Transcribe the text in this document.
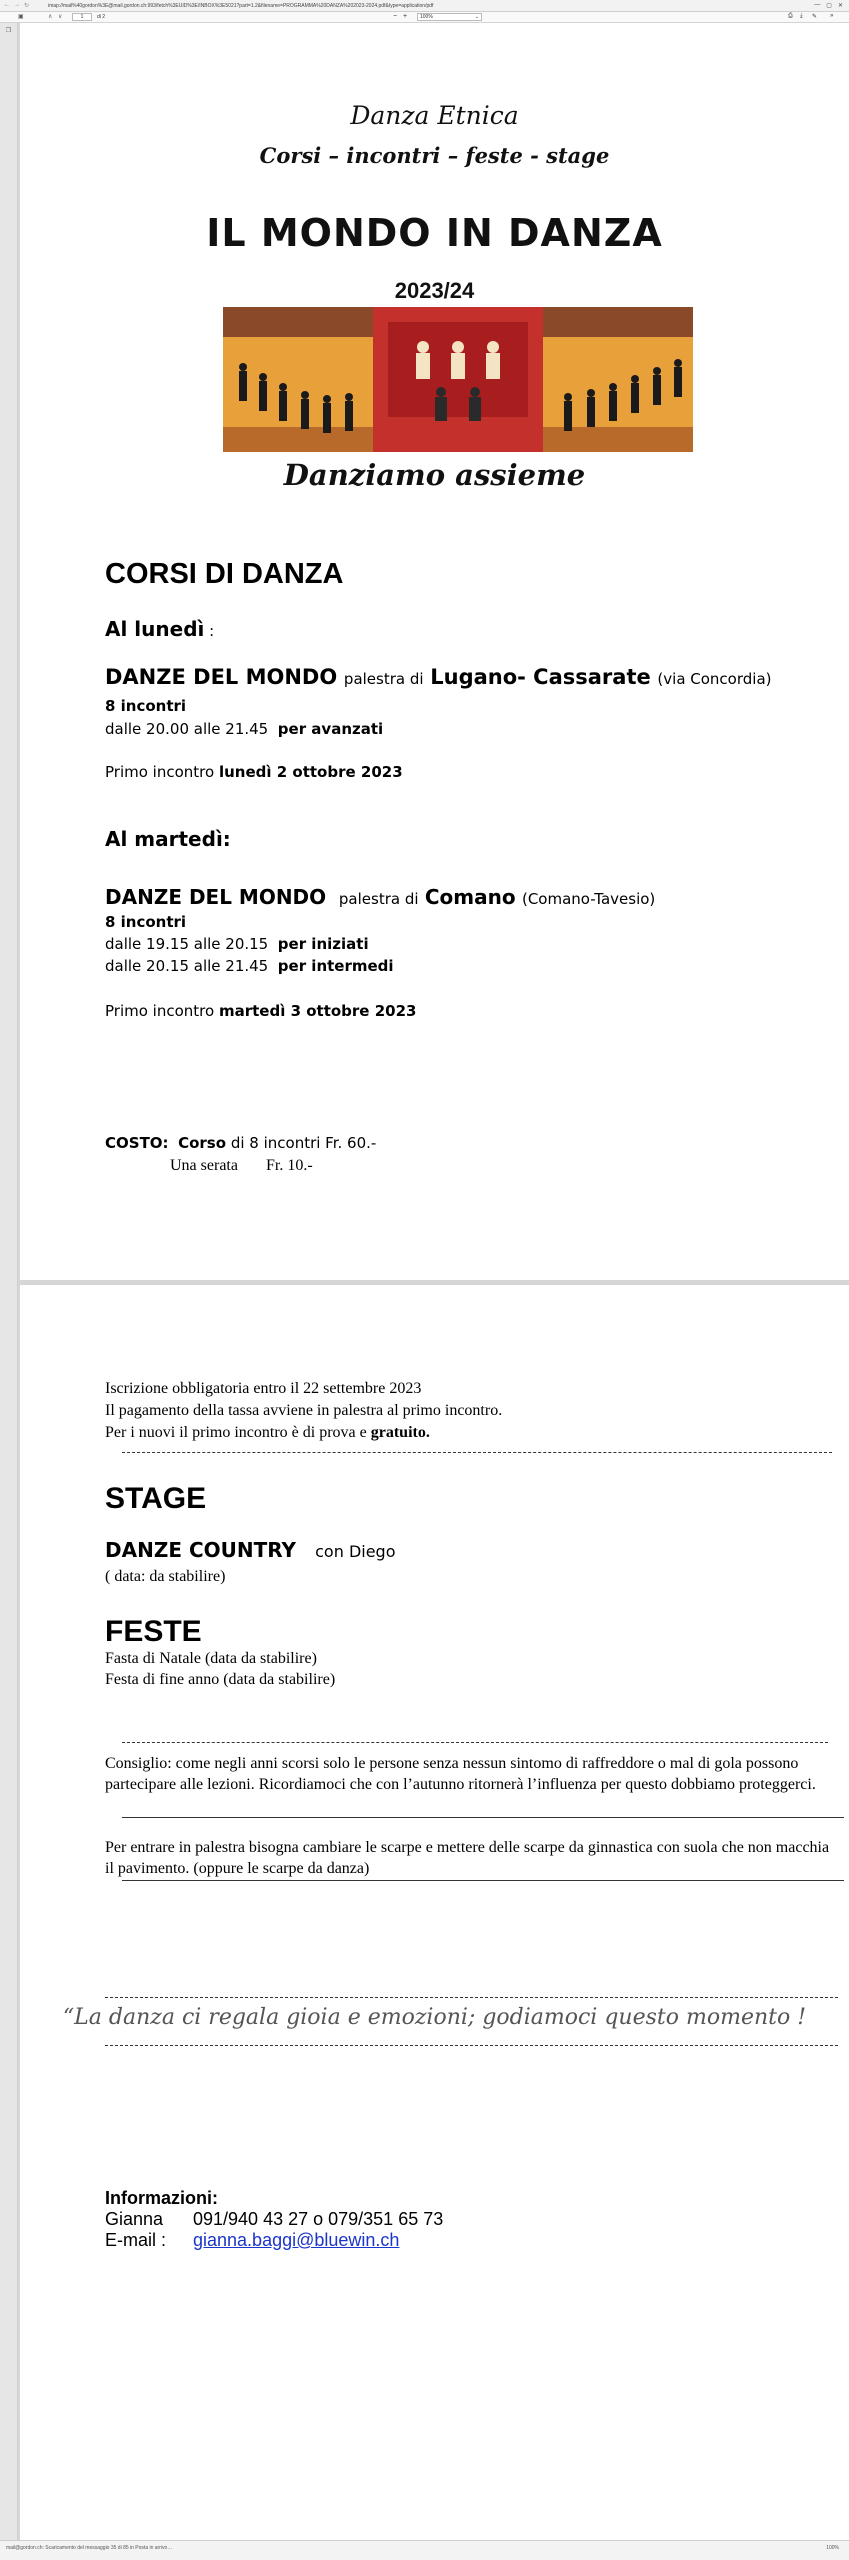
← → ↻	imap://mail%40gordon%3E@mail.gordon.ch:993/fetch%3EUID%3E/INBOX%3E5021?part=1.2&filename=PROGRAMMA%20DANZA%202023-2024.pdf&type=application/pdf	— ▢ ✕
▣	∧ ∨	1	di 2	− +	100%	⌄	⎙ ⤓ ✎ »
❐
Danza Etnica
Corsi – incontri – feste - stage
IL MONDO IN DANZA
2023/24
Danziamo assieme
CORSI DI DANZA
Al lunedì :
DANZE DEL MONDO palestra di Lugano- Cassarate (via Concordia)
8 incontri
dalle 20.00 alle 21.45 per avanzati
Primo incontro lunedì 2 ottobre 2023
Al martedì:
DANZE DEL MONDO palestra di Comano (Comano-Tavesio)
8 incontri
dalle 19.15 alle 20.15 per iniziati
dalle 20.15 alle 21.45 per intermedi
Primo incontro martedì 3 ottobre 2023
COSTO: Corso di 8 incontri Fr. 60.-
Una serata Fr. 10.-
Iscrizione obbligatoria entro il 22 settembre 2023
Il pagamento della tassa avviene in palestra al primo incontro.
Per i nuovi il primo incontro è di prova e gratuito.
STAGE
DANZE COUNTRY con Diego
( data: da stabilire)
FESTE
Fasta di Natale (data da stabilire)
Festa di fine anno (data da stabilire)
Consiglio: come negli anni scorsi solo le persone senza nessun sintomo di raffreddore o mal di gola possono partecipare alle lezioni. Ricordiamoci che con l’autunno ritornerà l’influenza per questo dobbiamo proteggerci.
Per entrare in palestra bisogna cambiare le scarpe e mettere delle scarpe da ginnastica con suola che non macchia il pavimento. (oppure le scarpe da danza)
“La danza ci regala gioia e emozioni; godiamoci questo momento !
Informazioni:
Gianna 091/940 43 27 o 079/351 65 73
E-mail : gianna.baggi@bluewin.ch
mail@gordon.ch: Scaricamento del messaggio 35 di 85 in Posta in arrivo…	100%
